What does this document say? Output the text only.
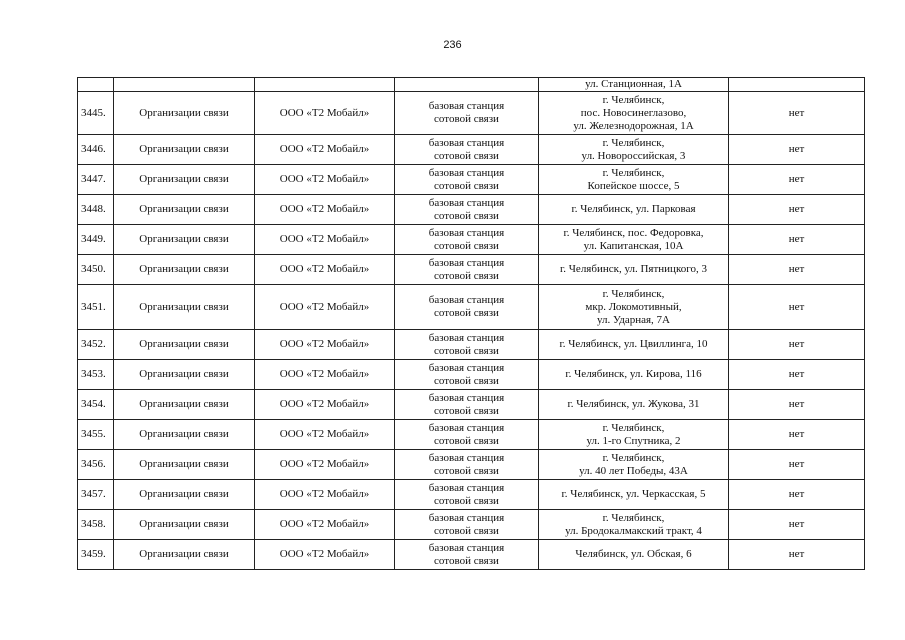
236

				ул. Станционная, 1А	

3445.	Организации связи	ООО «Т2 Мобайл»	базовая станция
сотовой связи	г. Челябинск,
пос. Новосинеглазово,
ул. Железнодорожная, 1А	нет
3446.	Организации связи	ООО «Т2 Мобайл»	базовая станция
сотовой связи	г. Челябинск,
ул. Новороссийская, 3	нет
3447.	Организации связи	ООО «Т2 Мобайл»	базовая станция
сотовой связи	г. Челябинск,
Копейское шоссе, 5	нет
3448.	Организации связи	ООО «Т2 Мобайл»	базовая станция
сотовой связи	г. Челябинск, ул. Парковая	нет
3449.	Организации связи	ООО «Т2 Мобайл»	базовая станция
сотовой связи	г. Челябинск, пос. Федоровка,
ул. Капитанская, 10А	нет
3450.	Организации связи	ООО «Т2 Мобайл»	базовая станция
сотовой связи	г. Челябинск, ул. Пятницкого, 3	нет
3451.	Организации связи	ООО «Т2 Мобайл»	базовая станция
сотовой связи	г. Челябинск,
мкр. Локомотивный,
ул. Ударная, 7А	нет
3452.	Организации связи	ООО «Т2 Мобайл»	базовая станция
сотовой связи	г. Челябинск, ул. Цвиллинга, 10	нет
3453.	Организации связи	ООО «Т2 Мобайл»	базовая станция
сотовой связи	г. Челябинск, ул. Кирова, 116	нет
3454.	Организации связи	ООО «Т2 Мобайл»	базовая станция
сотовой связи	г. Челябинск, ул. Жукова, 31	нет
3455.	Организации связи	ООО «Т2 Мобайл»	базовая станция
сотовой связи	г. Челябинск,
ул. 1-го Спутника, 2	нет
3456.	Организации связи	ООО «Т2 Мобайл»	базовая станция
сотовой связи	г. Челябинск,
ул. 40 лет Победы, 43А	нет
3457.	Организации связи	ООО «Т2 Мобайл»	базовая станция
сотовой связи	г. Челябинск, ул. Черкасская, 5	нет
3458.	Организации связи	ООО «Т2 Мобайл»	базовая станция
сотовой связи	г. Челябинск,
ул. Бродокалмакский тракт, 4	нет
3459.	Организации связи	ООО «Т2 Мобайл»	базовая станция
сотовой связи	Челябинск, ул. Обская, 6	нет
